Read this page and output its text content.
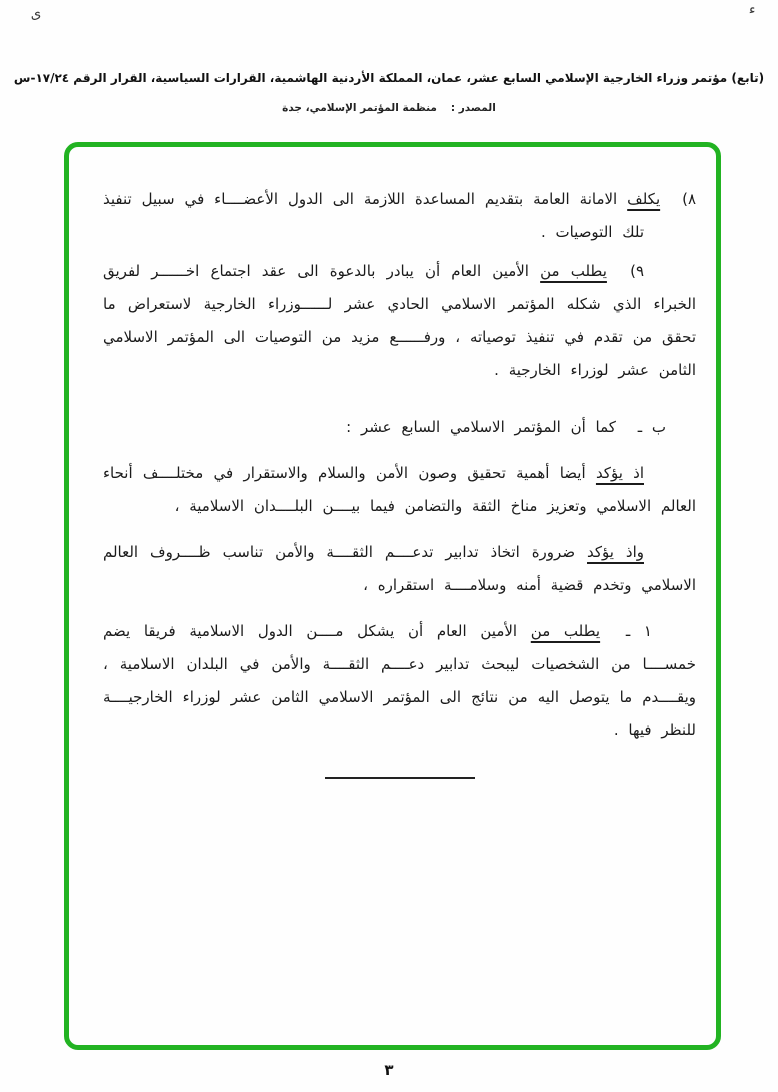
ى	ء
(تابع) مؤتمر وزراء الخارجية الإسلامي السابع عشر، عمان، المملكة الأردنية الهاشمية، القرارات السياسية، القرار الرقم ١٧/٢٤-س
المصدر :منظمة المؤتمر الإسلامي، جدة

٨) يكلف الامانة العامة بتقديم المساعدة اللازمة الى الدول الأعضــــاء في سبيل تنفيذ تلك التوصيات .

٩) يطلب من الأمين العام أن يبادر بالدعوة الى عقد اجتماع اخــــــر لفريق الخبراء الذي شكله المؤتمر الاسلامي الحادي عشر لــــــوزراء الخارجية لاستعراض ما تحقق من تقدم في تنفيذ توصياته ، ورفــــــع مزيد من التوصيات الى المؤتمر الاسلامي الثامن عشر لوزراء الخارجية .

ب ـ كما أن المؤتمر الاسلامي السابع عشر :

اذ يؤكد أيضا أهمية تحقيق وصون الأمن والسلام والاستقرار في مختلــــف أنحاء العالم الاسلامي وتعزيز مناخ الثقة والتضامن فيما بيــــن البلــــدان الاسلامية ،

واذ يؤكد ضرورة اتخاذ تدابير تدعــــم الثقــــة والأمن تناسب ظــــروف العالم الاسلامي وتخدم قضية أمنه وسلامــــة استقراره ،

١ ـ يطلب من الأمين العام أن يشكل مــــن الدول الاسلامية فريقا يضم خمســــا من الشخصيات ليبحث تدابير دعــــم الثقــــة والأمن في البلدان الاسلامية ، ويقــــدم ما يتوصل اليه من نتائج الى المؤتمر الاسلامي الثامن عشر لوزراء الخارجيــــة للنظر فيها .

٣
